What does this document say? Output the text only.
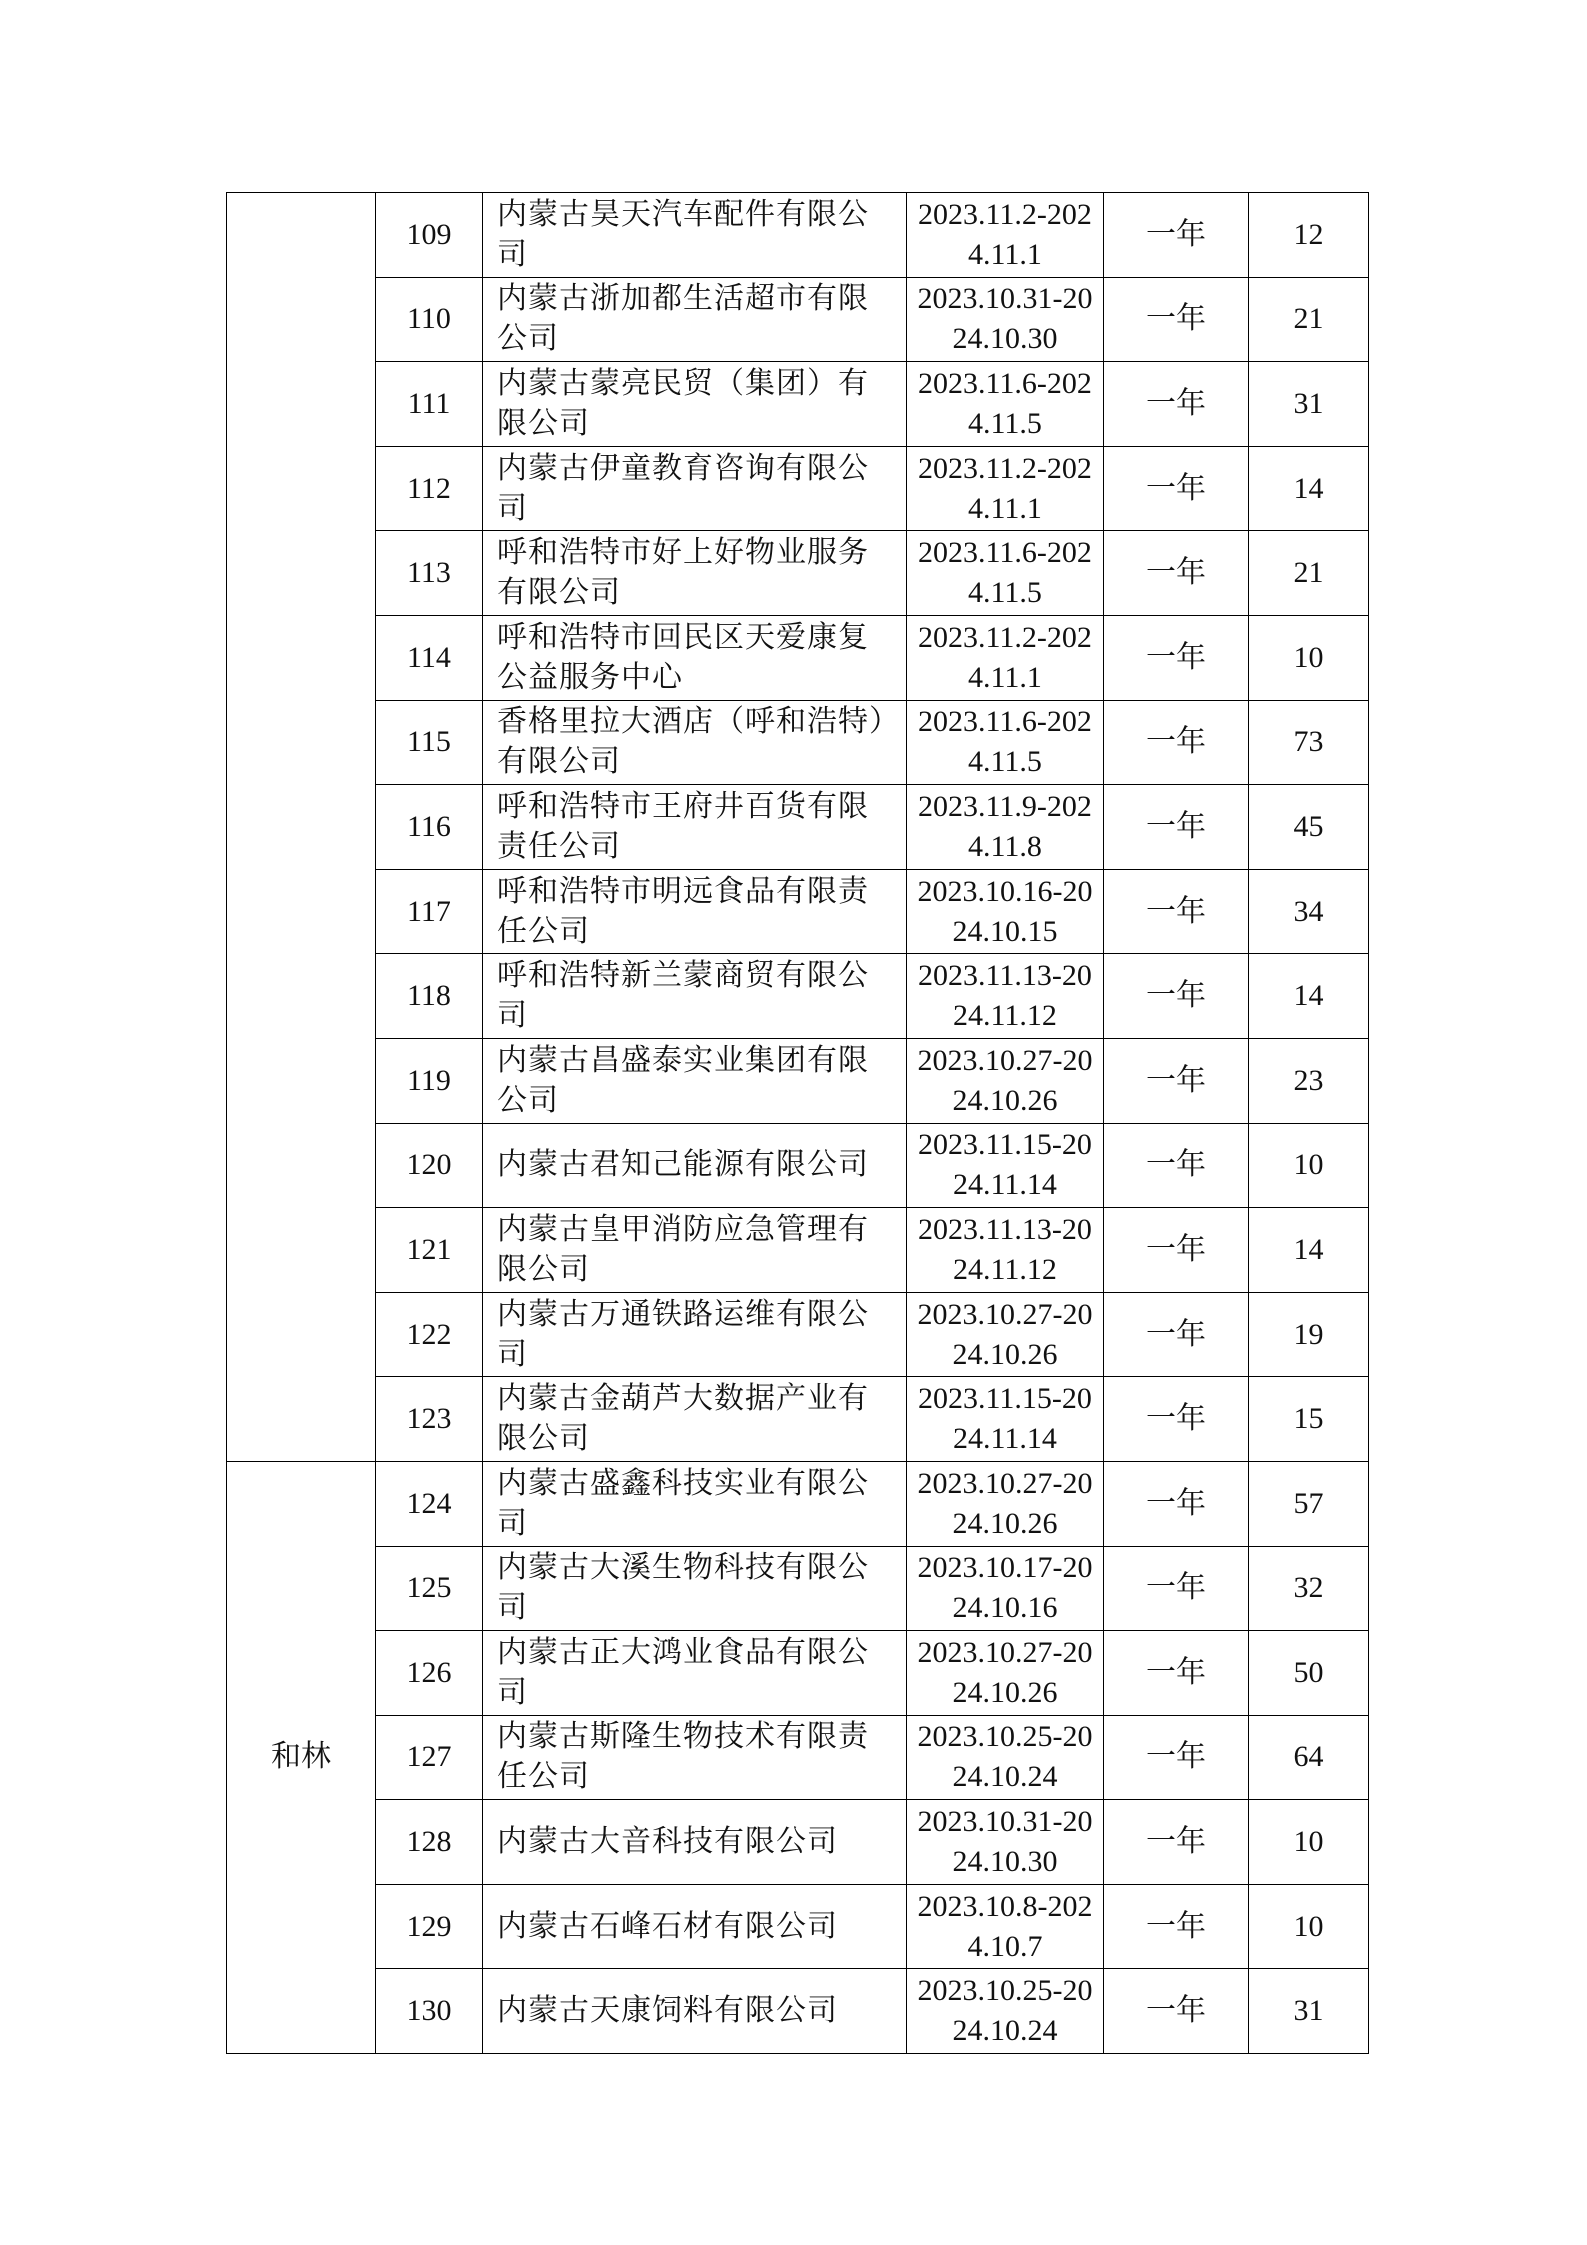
	109	内蒙古昊天汽车配件有限公司	2023.11.2-2024.11.1	一年	12
	110	内蒙古浙加都生活超市有限公司	2023.10.31-2024.10.30	一年	21
	111	内蒙古蒙亮民贸（集团）有限公司	2023.11.6-2024.11.5	一年	31
	112	内蒙古伊童教育咨询有限公司	2023.11.2-2024.11.1	一年	14
	113	呼和浩特市好上好物业服务有限公司	2023.11.6-2024.11.5	一年	21
	114	呼和浩特市回民区天爱康复公益服务中心	2023.11.2-2024.11.1	一年	10
	115	香格里拉大酒店（呼和浩特）有限公司	2023.11.6-2024.11.5	一年	73
	116	呼和浩特市王府井百货有限责任公司	2023.11.9-2024.11.8	一年	45
	117	呼和浩特市明远食品有限责任公司	2023.10.16-2024.10.15	一年	34
	118	呼和浩特新兰蒙商贸有限公司	2023.11.13-2024.11.12	一年	14
	119	内蒙古昌盛泰实业集团有限公司	2023.10.27-2024.10.26	一年	23
	120	内蒙古君知己能源有限公司	2023.11.15-2024.11.14	一年	10
	121	内蒙古皇甲消防应急管理有限公司	2023.11.13-2024.11.12	一年	14
	122	内蒙古万通铁路运维有限公司	2023.10.27-2024.10.26	一年	19
	123	内蒙古金葫芦大数据产业有限公司	2023.11.15-2024.11.14	一年	15
和林	124	内蒙古盛鑫科技实业有限公司	2023.10.27-2024.10.26	一年	57
	125	内蒙古大溪生物科技有限公司	2023.10.17-2024.10.16	一年	32
	126	内蒙古正大鸿业食品有限公司	2023.10.27-2024.10.26	一年	50
	127	内蒙古斯隆生物技术有限责任公司	2023.10.25-2024.10.24	一年	64
	128	内蒙古大音科技有限公司	2023.10.31-2024.10.30	一年	10
	129	内蒙古石峰石材有限公司	2023.10.8-2024.10.7	一年	10
	130	内蒙古天康饲料有限公司	2023.10.25-2024.10.24	一年	31
